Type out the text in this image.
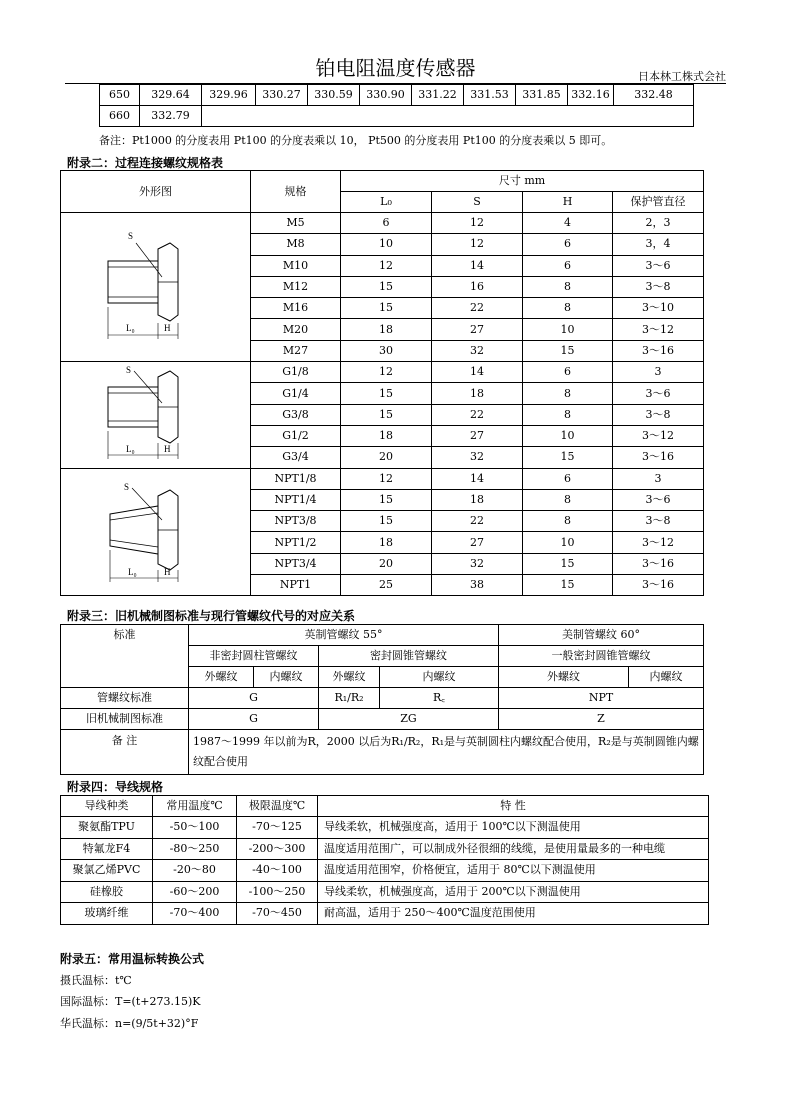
铂电阻温度传感器	日本林工株式会社
650	329.64	329.96	330.27	330.59	330.90	331.22	331.53	331.85	332.16	332.48
660	332.79									
备注：Pt1000 的分度表用 Pt100 的分度表乘以 10， Pt500 的分度表用 Pt100 的分度表乘以 5 即可。
附录二：过程连接螺纹规格表
外形图	规格	尺寸 mm			
		L₀	S	H	保护管直径

S
L₀ H	M5	6	12	4	2，3
	M8	10	12	6	3，4
	M10	12	14	6	3～6
	M12	15	16	8	3～8
	M16	15	22	8	3～10
	M20	18	27	10	3～12
	M27	30	32	15	3～16

S
L₀ H	G1/8	12	14	6	3
	G1/4	15	18	8	3～6
	G3/8	15	22	8	3～8
	G1/2	18	27	10	3～12
	G3/4	20	32	15	3～16

S
L₀ H	NPT1/8	12	14	6	3
	NPT1/4	15	18	8	3～6
	NPT3/8	15	22	8	3～8
	NPT1/2	18	27	10	3～12
	NPT3/4	20	32	15	3～16
	NPT1	25	38	15	3～16
附录三：旧机械制图标准与现行管螺纹代号的对应关系
标准	英制管螺纹 55°				美制管螺纹 60°	
	非密封圆柱管螺纹		密封圆锥管螺纹		一般密封圆锥管螺纹	
	外螺纹	内螺纹	外螺纹	内螺纹	外螺纹	内螺纹
管螺纹标准	G		R₁/R₂	R꜀	NPT	
旧机械制图标准	G		ZG		Z	
备 注	1987～1999 年以前为R，2000 以后为R₁/R₂，R₁是与英制圆柱内螺纹配合使用，R₂是与英制圆锥内螺纹配合使用					
附录四：导线规格
导线种类	常用温度℃	极限温度℃	特 性
聚氨酯TPU	-50～100	-70～125	导线柔软，机械强度高，适用于 100℃以下测温使用
特氟龙F4	-80～250	-200～300	温度适用范围广，可以制成外径很细的线缆，是使用量最多的一种电缆
聚氯乙烯PVC	-20～80	-40～100	温度适用范围窄，价格便宜，适用于 80℃以下测温使用
硅橡胶	-60～200	-100～250	导线柔软，机械强度高，适用于 200℃以下测温使用
玻璃纤维	-70～400	-70～450	耐高温，适用于 250～400℃温度范围使用
附录五：常用温标转换公式
摄氏温标：t℃
国际温标：T=(t+273.15)K
华氏温标：n=(9/5t+32)°F
